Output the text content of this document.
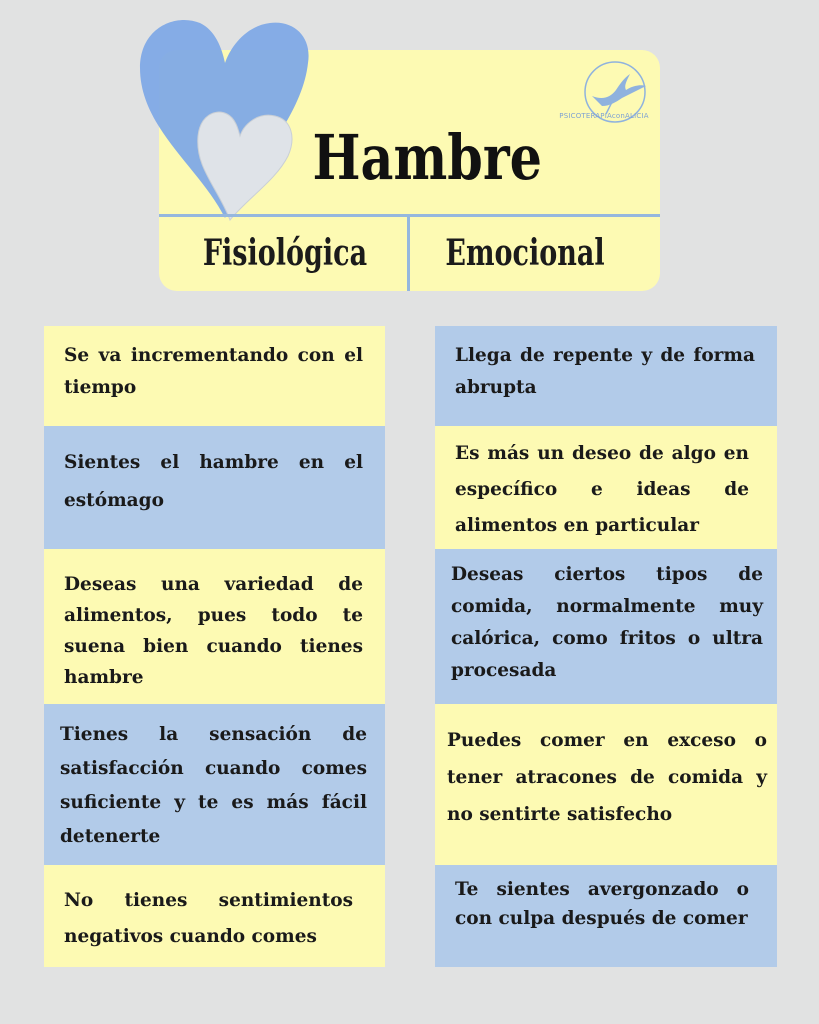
PSICOTERAPIAconALICIA
Hambre
Fisiológica Emocional
Se va incrementando con el tiempo
Sientes el hambre en el estómago
Deseas una variedad de alimentos, pues todo te suena bien cuando tienes hambre
Tienes la sensación de satisfacción cuando comes suficiente y te es más fácil detenerte
No tienes sentimientos negativos cuando comes
Llega de repente y de forma abrupta
Es más un deseo de algo en específico e ideas de alimentos en particular
Deseas ciertos tipos de comida, normalmente muy calórica, como fritos o ultra procesada
Puedes comer en exceso o tener atracones de comida y no sentirte satisfecho
Te sientes avergonzado o con culpa después de comer
